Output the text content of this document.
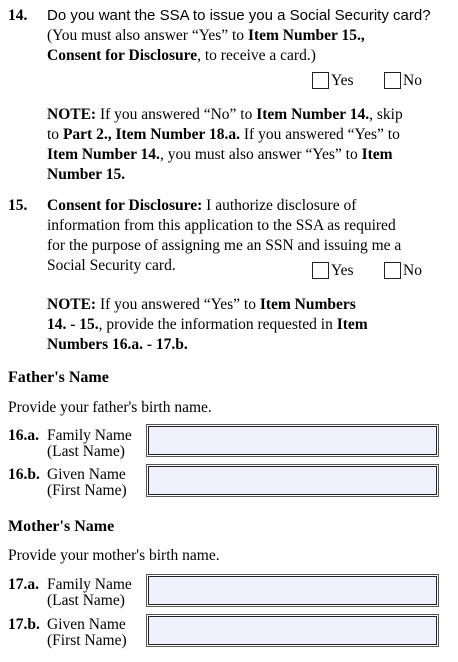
14. Do you want the SSA to issue you a Social Security card?
(You must also answer “Yes” to Item Number 15.,
Consent for Disclosure, to receive a card.)
Yes	No
NOTE: If you answered “No” to Item Number 14., skip
to Part 2., Item Number 18.a. If you answered “Yes” to
Item Number 14., you must also answer “Yes” to Item
Number 15.
15. Consent for Disclosure: I authorize disclosure of
information from this application to the SSA as required
for the purpose of assigning me an SSN and issuing me a
Social Security card.	Yes	No
NOTE: If you answered “Yes” to Item Numbers
14. - 15., provide the information requested in Item
Numbers 16.a. - 17.b.
Father's Name
Provide your father's birth name.
16.a. Family Name
(Last Name)
16.b. Given Name
(First Name)
Mother's Name
Provide your mother's birth name.
17.a. Family Name
(Last Name)
17.b. Given Name
(First Name)
